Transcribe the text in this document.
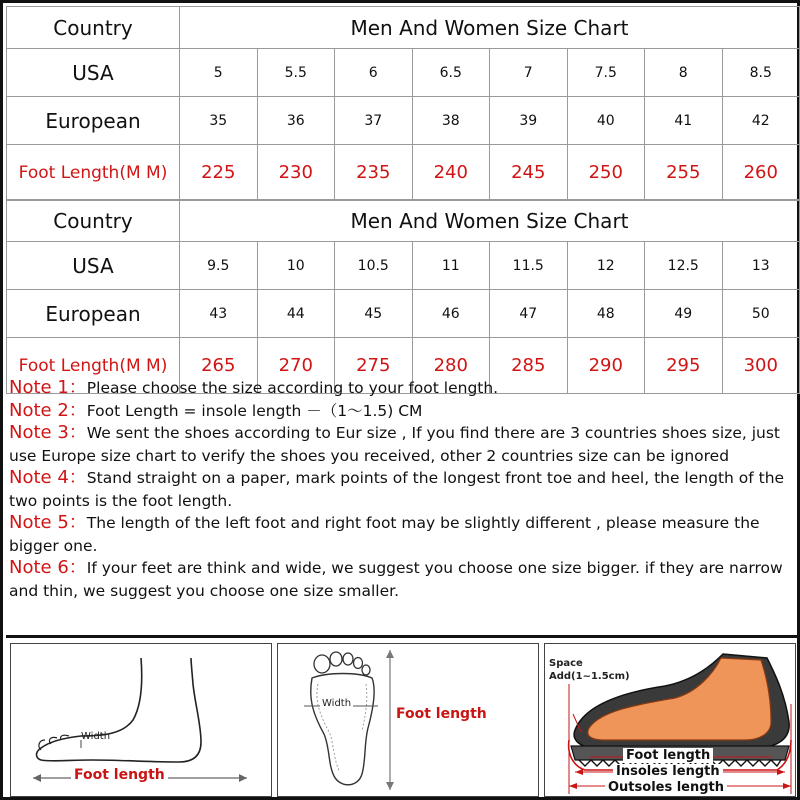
Country	Men And Women Size Chart							
USA	5	5.5	6	6.5	7	7.5	8	8.5
European	35	36	37	38	39	40	41	42
Foot Length(M M)	225	230	235	240	245	250	255	260
Country	Men And Women Size Chart							
USA	9.5	10	10.5	11	11.5	12	12.5	13
European	43	44	45	46	47	48	49	50
Foot Length(M M)	265	270	275	280	285	290	295	300
Note 1：Please choose the size according to your foot length.
Note 2：Foot Length = insole length －（1～1.5) CM
Note 3：We sent the shoes according to Eur size , If you find there are 3 countries shoes size, just use Europe size chart to verify the shoes you received, other 2 countries size can be ignored
Note 4：Stand straight on a paper, mark points of the longest front toe and heel, the length of the two points is the foot length.
Note 5：The length of the left foot and right foot may be slightly different , please measure the bigger one.
Note 6：If your feet are think and wide, we suggest you choose one size bigger. if they are narrow and thin, we suggest you choose one size smaller.
Width
Foot length
Width
Foot length
Space
Add(1~1.5cm)
Foot length
Insoles length
Outsoles length
